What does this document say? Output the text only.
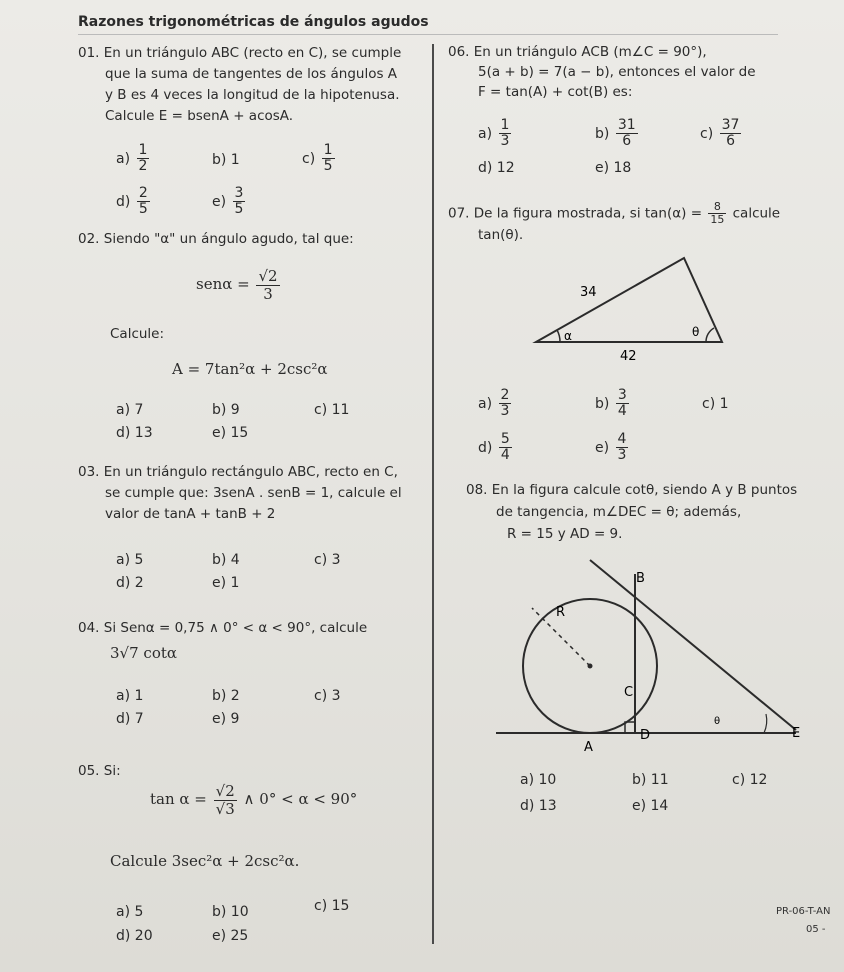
Razones trigonométricas de ángulos agudos
01. En un triángulo ABC (recto en C), se cumple
que la suma de tangentes de los ángulos A
y B es 4 veces la longitud de la hipotenusa.
Calcule E = bsenA + acosA.
$a) \frac{1}{2}$	b) 1	$c) \frac{1}{5}$
$d) \frac{2}{5}$	$e) \frac{3}{5}$
02. Siendo "α" un ángulo agudo, tal que:
$sen\alpha = \frac{√2}{3}$
Calcule:
A = 7tan²α + 2csc²α
a) 7	b) 9	c) 11
d) 13	e) 15
03. En un triángulo rectángulo ABC, recto en C,
se cumple que: 3senA . senB = 1, calcule el
valor de tanA + tanB + 2
a) 5	b) 4	c) 3
d) 2	e) 1
04. Si Senα = 0,75 ∧ 0° < α < 90°, calcule
3√7 cotα
a) 1	b) 2	c) 3
d) 7	e) 9
05. Si:
$\tan \alpha = \frac{√2}{√3}$ ∧ 0° < α < 90°
Calcule 3sec²α + 2csc²α.
a) 5	b) 10	c) 15
d) 20	e) 25
06. En un triángulo ACB (m∠C = 90°),
5(a + b) = 7(a − b), entonces el valor de
F = tan(A) + cot(B) es:
$a) \frac{1}{3}$	$b) \frac{31}{6}$	$c) \frac{37}{6}$
d) 12	e) 18
07. De la figura mostrada, si $\tan(\alpha) = \frac{8}{15}$ calcule
tan(θ).
34
42
α	θ
$a) \frac{2}{3}$	$b) \frac{3}{4}$	c) 1
$d) \frac{5}{4}$	$e) \frac{4}{3}$
08. En la figura calcule cotθ, siendo A y B puntos
de tangencia, m∠DEC = θ; además,
R = 15 y AD = 9.
B
R
C
A
D	E
θ
a) 10	b) 11	c) 12
d) 13	e) 14
PR-06-T-AN
05 -
